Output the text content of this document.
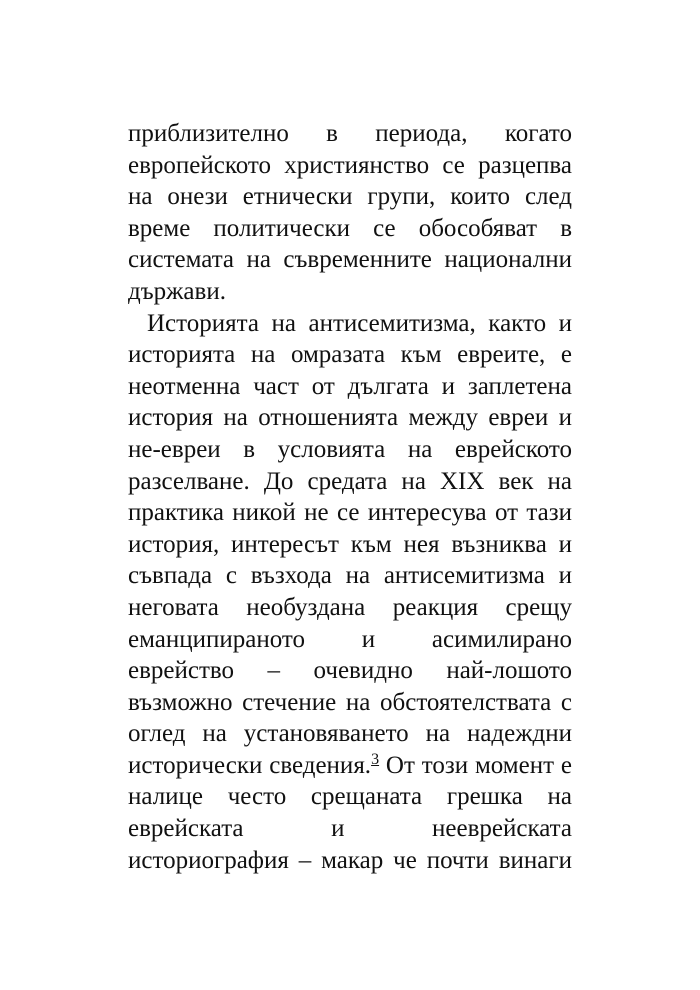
приблизително в периода, когато
европейското християнство се разцепва
на онези етнически групи, които след
време политически се обособяват в
системата на съвременните национални
държави.
Историята на антисемитизма, както и
историята на омразата към евреите, е
неотменна част от дългата и заплетена
история на отношенията между евреи и
не-евреи в условията на еврейското
разселване. До средата на XIX век на
практика никой не се интересува от тази
история, интересът към нея възниква и
съвпада с възхода на антисемитизма и
неговата необуздана реакция срещу
еманципираното и асимилирано
еврейство – очевидно най-лошото
възможно стечение на обстоятелствата с
оглед на установяването на надеждни
исторически сведения.$^3$ От този момент е
налице често срещаната грешка на
еврейската и нееврейската
историография – макар че почти винаги
